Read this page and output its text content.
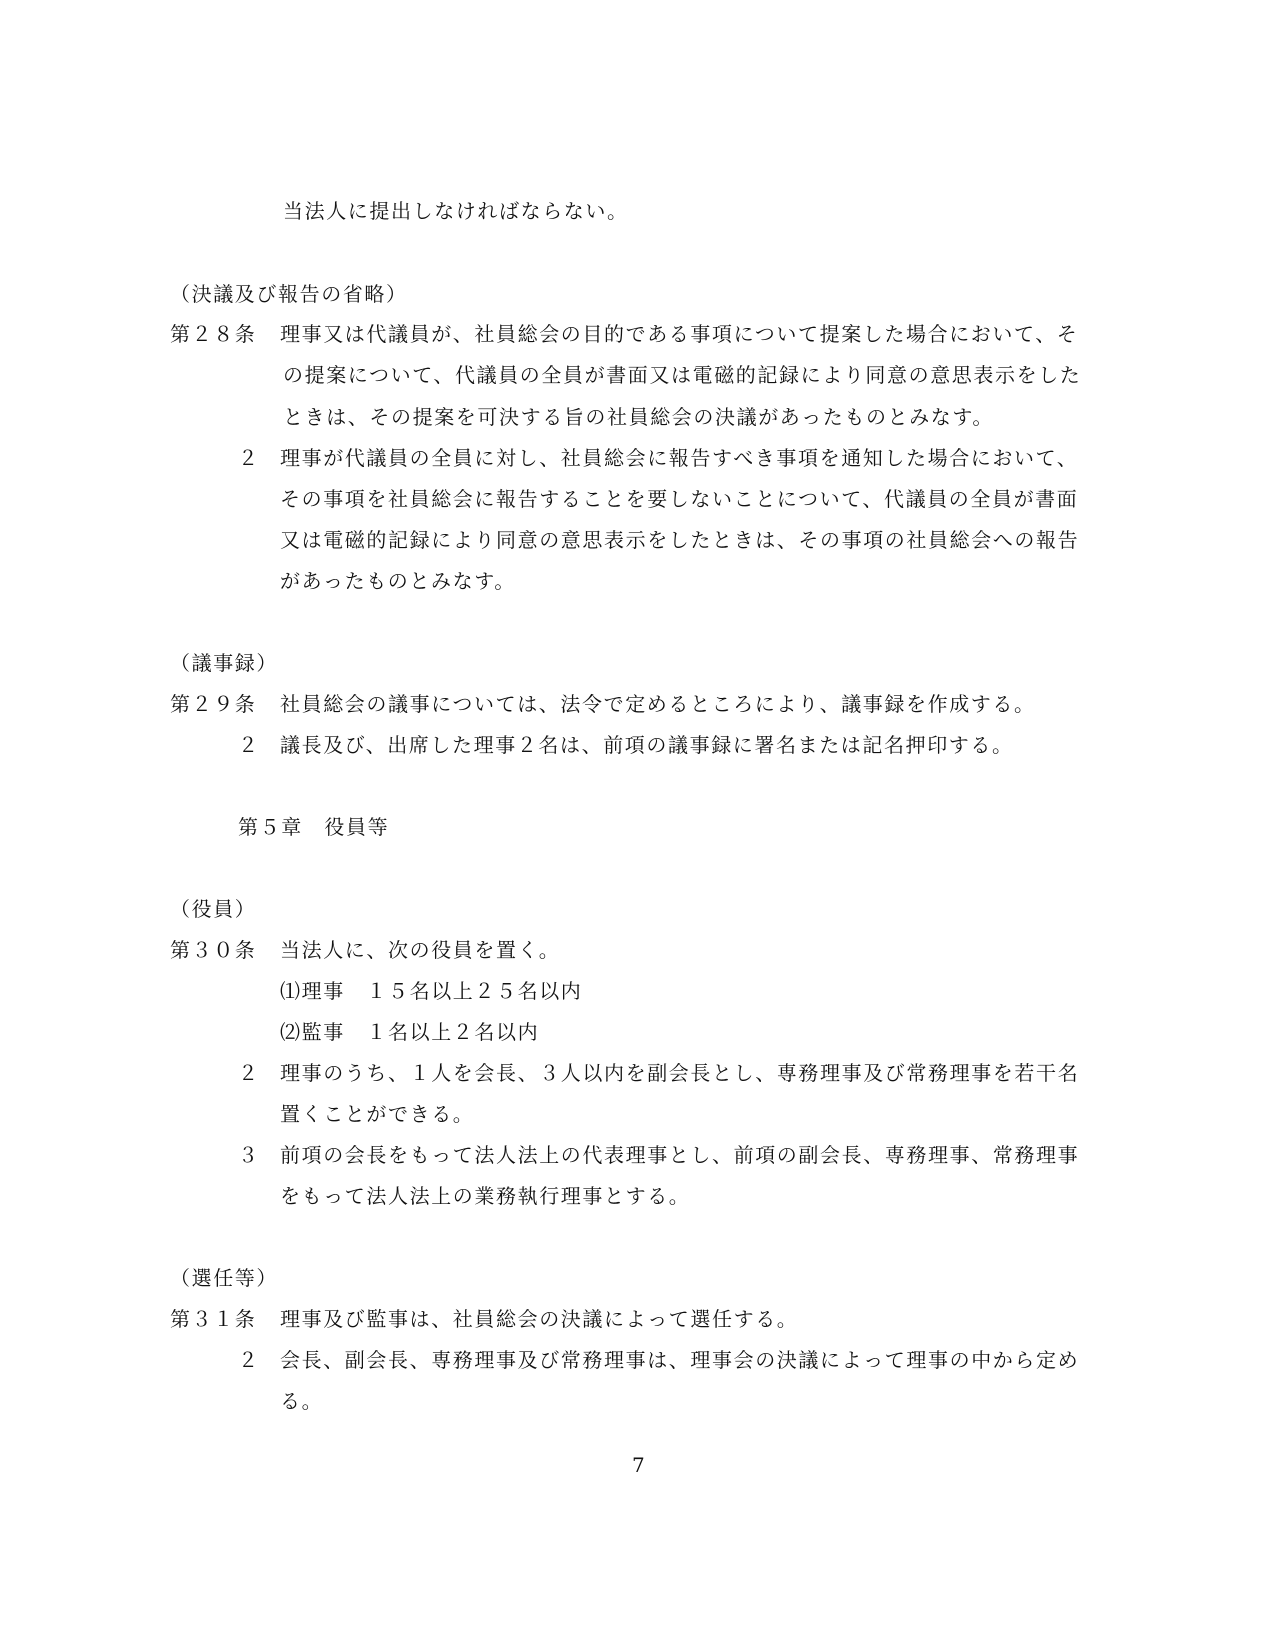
当法人に提出しなければならない。
（決議及び報告の省略）
第２８条 理事又は代議員が、社員総会の目的である事項について提案した場合において、そ
の提案について、代議員の全員が書面又は電磁的記録により同意の意思表示をした
ときは、その提案を可決する旨の社員総会の決議があったものとみなす。
２ 理事が代議員の全員に対し、社員総会に報告すべき事項を通知した場合において、
その事項を社員総会に報告することを要しないことについて、代議員の全員が書面
又は電磁的記録により同意の意思表示をしたときは、その事項の社員総会への報告
があったものとみなす。
（議事録）
第２９条 社員総会の議事については、法令で定めるところにより、議事録を作成する。
２ 議長及び、出席した理事２名は、前項の議事録に署名または記名押印する。
第５章　役員等
（役員）
第３０条 当法人に、次の役員を置く。
⑴理事　１５名以上２５名以内
⑵監事　１名以上２名以内
２ 理事のうち、１人を会長、３人以内を副会長とし、専務理事及び常務理事を若干名
置くことができる。
３ 前項の会長をもって法人法上の代表理事とし、前項の副会長、専務理事、常務理事
をもって法人法上の業務執行理事とする。
（選任等）
第３１条 理事及び監事は、社員総会の決議によって選任する。
２ 会長、副会長、専務理事及び常務理事は、理事会の決議によって理事の中から定め
る。
7
